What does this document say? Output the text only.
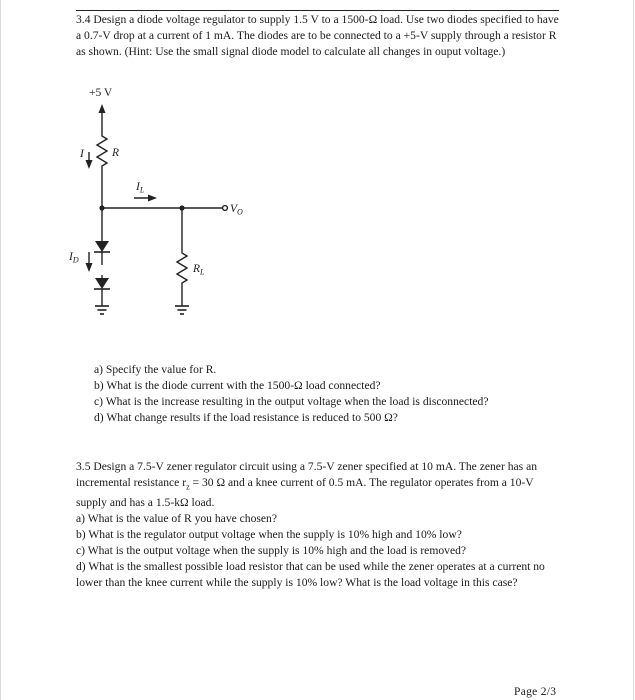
3.4 Design a diode voltage regulator to supply 1.5 V to a 1500-Ω load. Use two diodes specified to have a 0.7-V drop at a current of 1 mA. The diodes are to be connected to a +5-V supply through a resistor R as shown. (Hint: Use the small signal diode model to calculate all changes in ouput voltage.)

+5 V
I R
$I_L$
$V_O$
$I_D$
$R_L$
a) Specify the value for R.
b) What is the diode current with the 1500-Ω load connected?
c) What is the increase resulting in the output voltage when the load is disconnected?
d) What change results if the load resistance is reduced to 500 Ω?
3.5 Design a 7.5-V zener regulator circuit using a 7.5-V zener specified at 10 mA. The zener has an incremental resistance $r_z = 30$ Ω and a knee current of 0.5 mA. The regulator operates from a 10-V supply and has a 1.5-kΩ load.
a) What is the value of R you have chosen?
b) What is the regulator output voltage when the supply is 10% high and 10% low?
c) What is the output voltage when the supply is 10% high and the load is removed?
d) What is the smallest possible load resistor that can be used while the zener operates at a current no lower than the knee current while the supply is 10% low? What is the load voltage in this case?
Page 2/3
